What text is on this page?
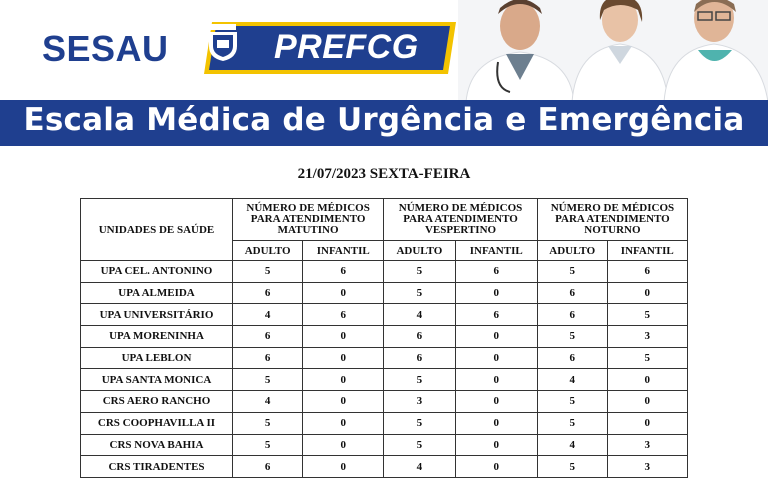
SESAU	PREFCG
Escala Médica de Urgência e Emergência
21/07/2023 SEXTA-FEIRA
UNIDADES DE SAÚDE	NÚMERO DE MÉDICOS PARA ATENDIMENTO MATUTINO		NÚMERO DE MÉDICOS PARA ATENDIMENTO VESPERTINO		NÚMERO DE MÉDICOS PARA ATENDIMENTO NOTURNO	
	ADULTO	INFANTIL	ADULTO	INFANTIL	ADULTO	INFANTIL
UPA CEL. ANTONINO	5	6	5	6	5	6
UPA ALMEIDA	6	0	5	0	6	0
UPA UNIVERSITÁRIO	4	6	4	6	6	5
UPA MORENINHA	6	0	6	0	5	3
UPA LEBLON	6	0	6	0	6	5
UPA SANTA MONICA	5	0	5	0	4	0
CRS AERO RANCHO	4	0	3	0	5	0
CRS COOPHAVILLA II	5	0	5	0	5	0
CRS NOVA BAHIA	5	0	5	0	4	3
CRS TIRADENTES	6	0	4	0	5	3
